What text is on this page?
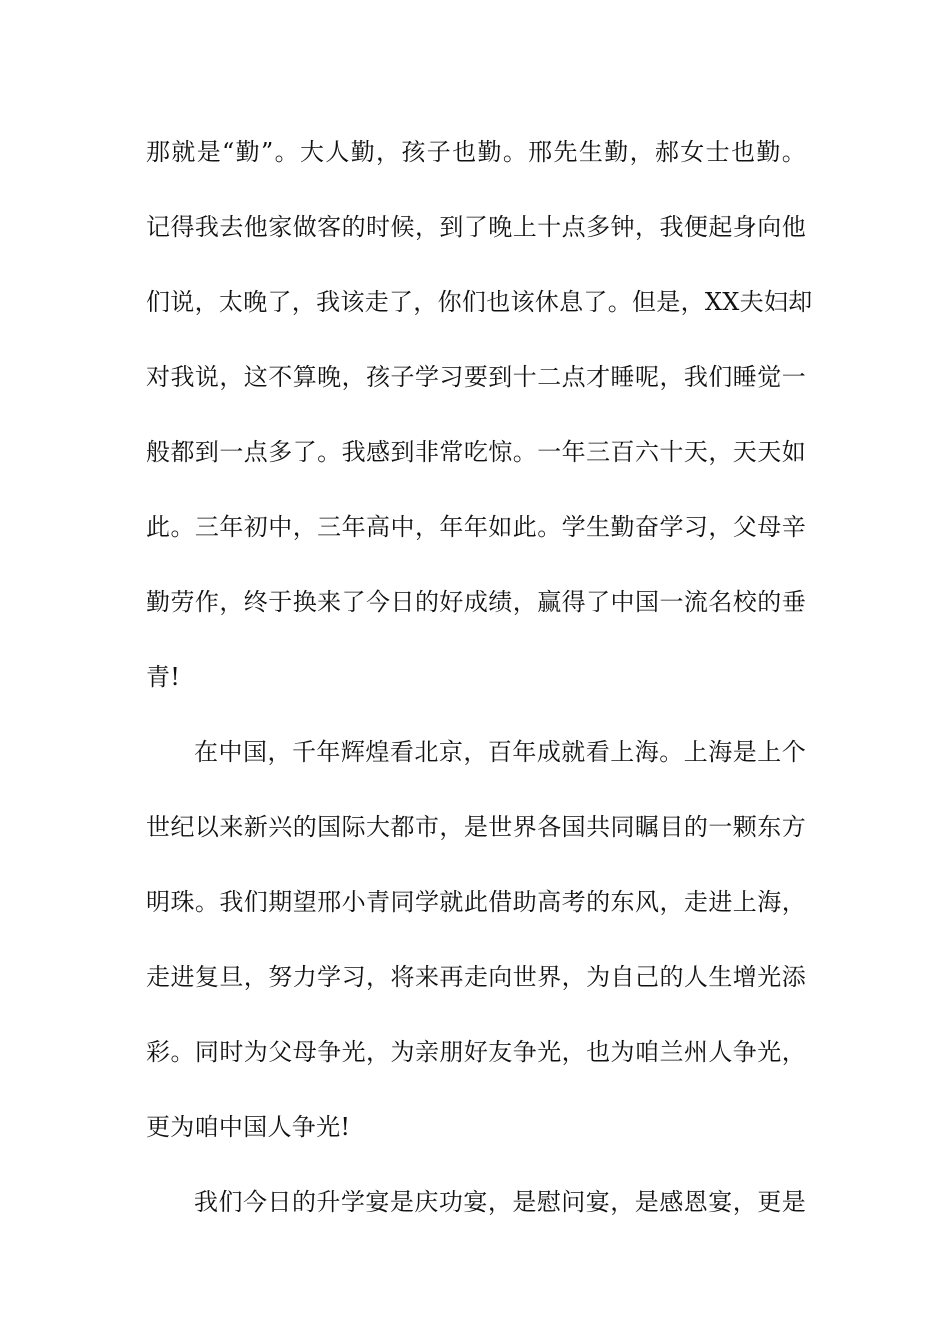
那就是“勤”。大人勤，孩子也勤。邢先生勤，郝女士也勤。
记得我去他家做客的时候，到了晚上十点多钟，我便起身向他
们说，太晚了，我该走了，你们也该休息了。但是，XX夫妇却
对我说，这不算晚，孩子学习要到十二点才睡呢，我们睡觉一
般都到一点多了。我感到非常吃惊。一年三百六十天，天天如
此。三年初中，三年高中，年年如此。学生勤奋学习，父母辛
勤劳作，终于换来了今日的好成绩，赢得了中国一流名校的垂
青!
在中国，千年辉煌看北京，百年成就看上海。上海是上个
世纪以来新兴的国际大都市，是世界各国共同瞩目的一颗东方
明珠。我们期望邢小青同学就此借助高考的东风，走进上海，
走进复旦，努力学习，将来再走向世界，为自己的人生增光添
彩。同时为父母争光，为亲朋好友争光，也为咱兰州人争光，
更为咱中国人争光!
我们今日的升学宴是庆功宴，是慰问宴，是感恩宴，更是
